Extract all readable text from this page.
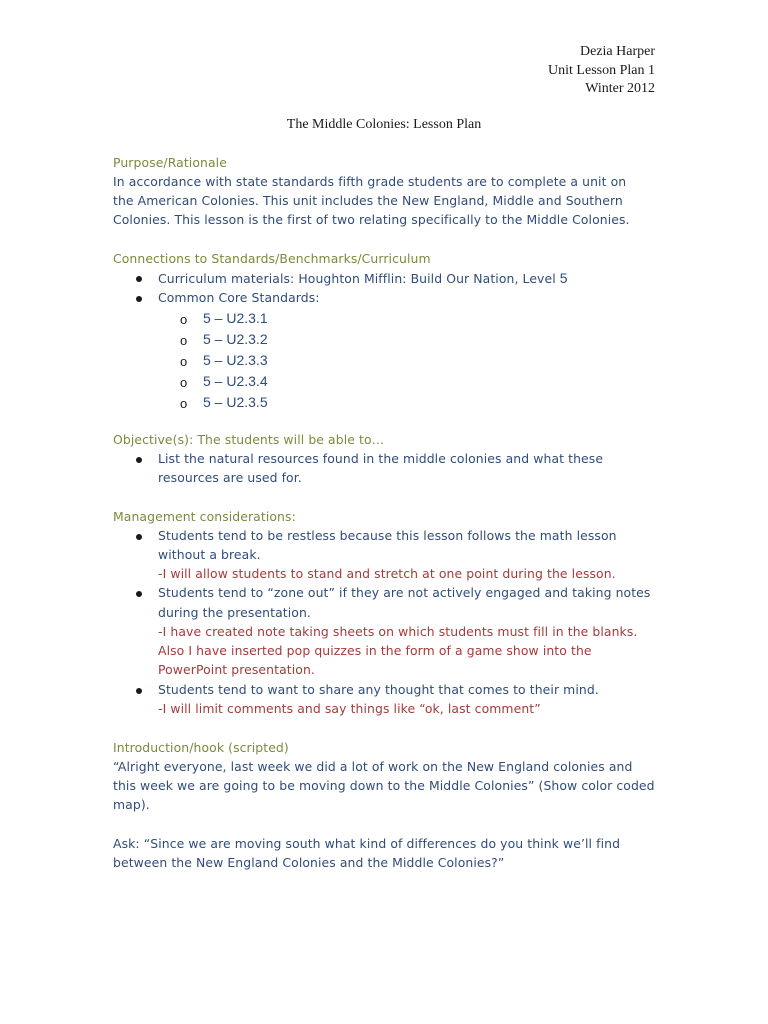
Dezia Harper
Unit Lesson Plan 1
Winter 2012
The Middle Colonies: Lesson Plan
Purpose/Rationale
In accordance with state standards fifth grade students are to complete a unit on
the American Colonies. This unit includes the New England, Middle and Southern
Colonies. This lesson is the first of two relating specifically to the Middle Colonies.
Connections to Standards/Benchmarks/Curriculum
Curriculum materials: Houghton Mifflin: Build Our Nation, Level 5
Common Core Standards:
o 5 – U2.3.1
o 5 – U2.3.2
o 5 – U2.3.3
o 5 – U2.3.4
o 5 – U2.3.5
Objective(s): The students will be able to…
List the natural resources found in the middle colonies and what these
resources are used for.
Management considerations:
Students tend to be restless because this lesson follows the math lesson
without a break.
-I will allow students to stand and stretch at one point during the lesson.
Students tend to “zone out” if they are not actively engaged and taking notes
during the presentation.
-I have created note taking sheets on which students must fill in the blanks.
Also I have inserted pop quizzes in the form of a game show into the
PowerPoint presentation.
Students tend to want to share any thought that comes to their mind.
-I will limit comments and say things like “ok, last comment”
Introduction/hook (scripted)
“Alright everyone, last week we did a lot of work on the New England colonies and
this week we are going to be moving down to the Middle Colonies” (Show color coded
map).
Ask: “Since we are moving south what kind of differences do you think we’ll find
between the New England Colonies and the Middle Colonies?”
